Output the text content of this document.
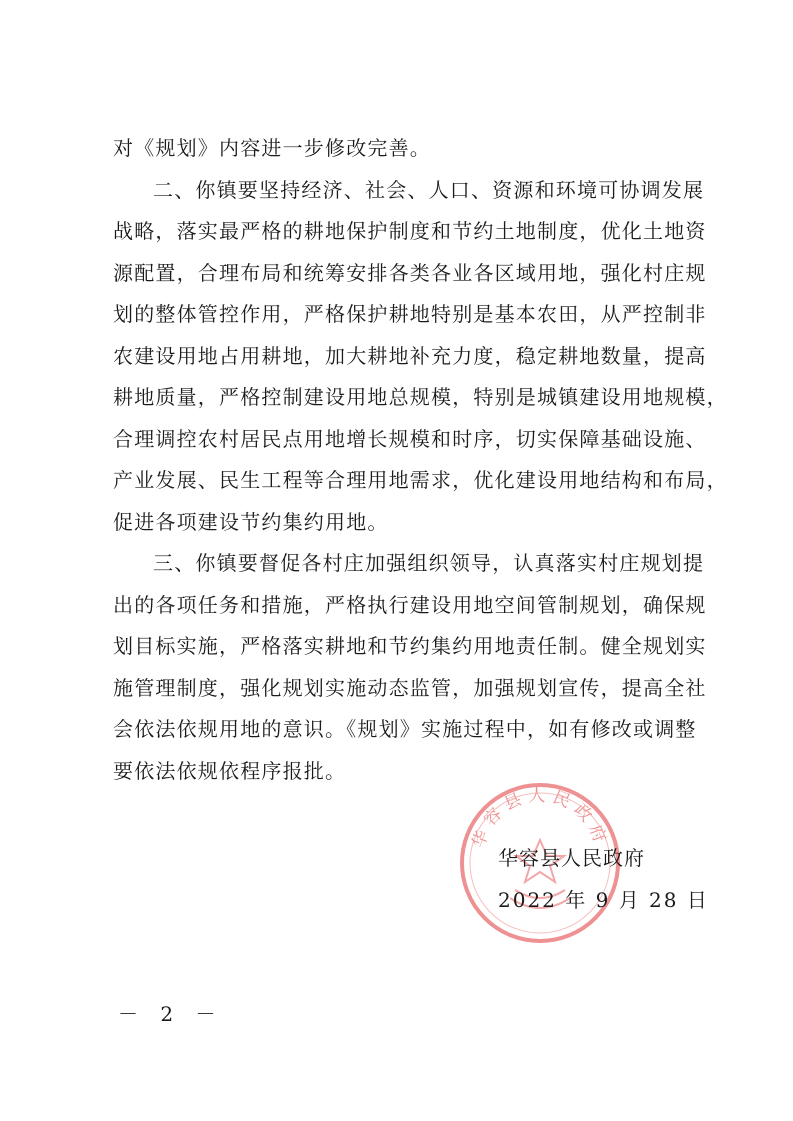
对《规划》内容进一步修改完善。
二、你镇要坚持经济、社会、人口、资源和环境可协调发展
战略，落实最严格的耕地保护制度和节约土地制度，优化土地资
源配置，合理布局和统筹安排各类各业各区域用地，强化村庄规
划的整体管控作用，严格保护耕地特别是基本农田，从严控制非
农建设用地占用耕地，加大耕地补充力度，稳定耕地数量，提高
耕地质量，严格控制建设用地总规模，特别是城镇建设用地规模，
合理调控农村居民点用地增长规模和时序，切实保障基础设施、
产业发展、民生工程等合理用地需求，优化建设用地结构和布局，
促进各项建设节约集约用地。
三、你镇要督促各村庄加强组织领导，认真落实村庄规划提
出的各项任务和措施，严格执行建设用地空间管制规划，确保规
划目标实施，严格落实耕地和节约集约用地责任制。健全规划实
施管理制度，强化规划实施动态监管，加强规划宣传，提高全社
会依法依规用地的意识。《规划》实施过程中，如有修改或调整
要依法依规依程序报批。
华容县人民政府
华容县人民政府
2022 年 9 月 28 日
－ 2 －
